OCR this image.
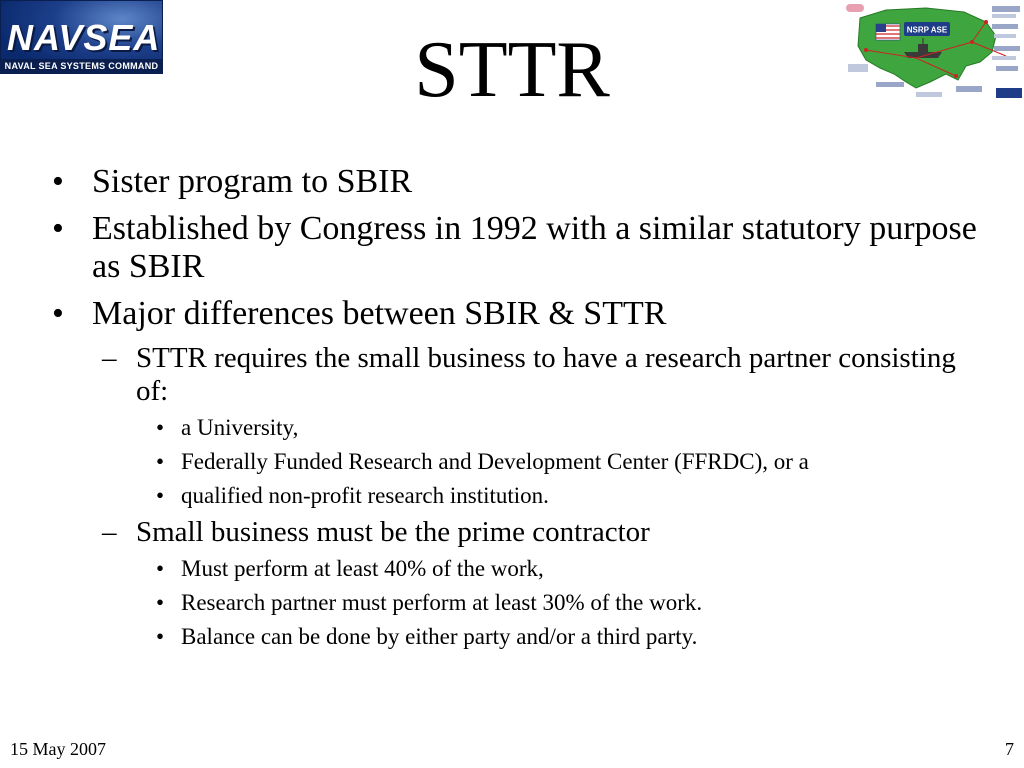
NAVSEA
NAVAL SEA SYSTEMS COMMAND	STTR	NSRP ASE
• Sister program to SBIR
• Established by Congress in 1992 with a similar statutory purpose as SBIR
• Major differences between SBIR & STTR
– STTR requires the small business to have a research partner consisting of:
• a University,
• Federally Funded Research and Development Center (FFRDC), or a
• qualified non-profit research institution.
– Small business must be the prime contractor
• Must perform at least 40% of the work,
• Research partner must perform at least 30% of the work.
• Balance can be done by either party and/or a third party.
15 May 2007	7
